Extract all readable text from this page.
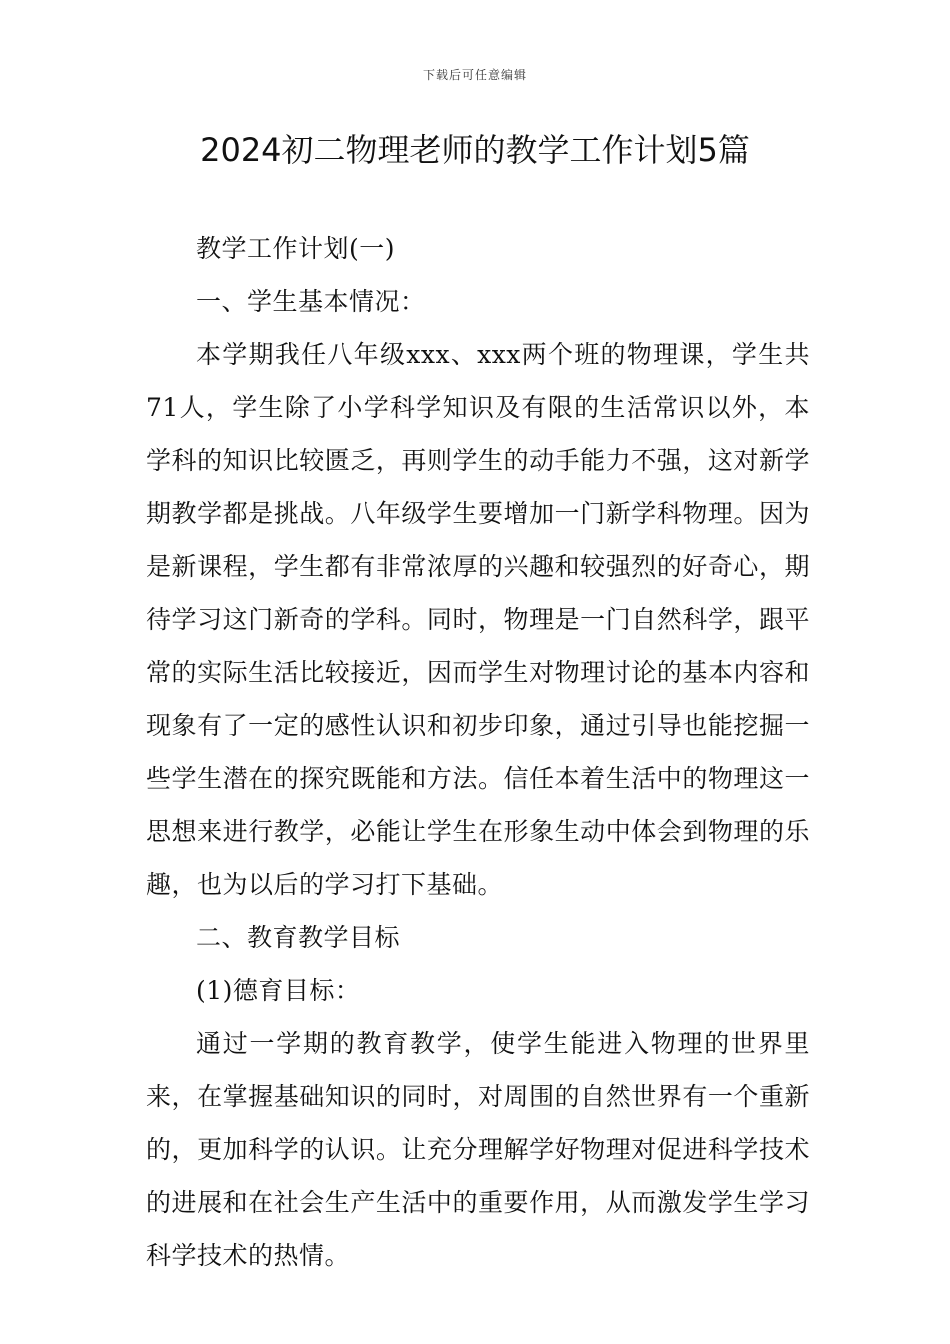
下载后可任意编辑
2024初二物理老师的教学工作计划5篇

教学工作计划(一)

一、学生基本情况：

本学期我任八年级xxx、xxx两个班的物理课，学生共71人，学生除了小学科学知识及有限的生活常识以外，本学科的知识比较匮乏，再则学生的动手能力不强，这对新学期教学都是挑战。八年级学生要增加一门新学科物理。因为是新课程，学生都有非常浓厚的兴趣和较强烈的好奇心，期待学习这门新奇的学科。同时，物理是一门自然科学，跟平常的实际生活比较接近，因而学生对物理讨论的基本内容和现象有了一定的感性认识和初步印象，通过引导也能挖掘一些学生潜在的探究既能和方法。信任本着生活中的物理这一思想来进行教学，必能让学生在形象生动中体会到物理的乐趣，也为以后的学习打下基础。

二、教育教学目标

(1)德育目标：

通过一学期的教育教学，使学生能进入物理的世界里来，在掌握基础知识的同时，对周围的自然世界有一个重新的，更加科学的认识。让充分理解学好物理对促进科学技术的进展和在社会生产生活中的重要作用，从而激发学生学习科学技术的热情。
